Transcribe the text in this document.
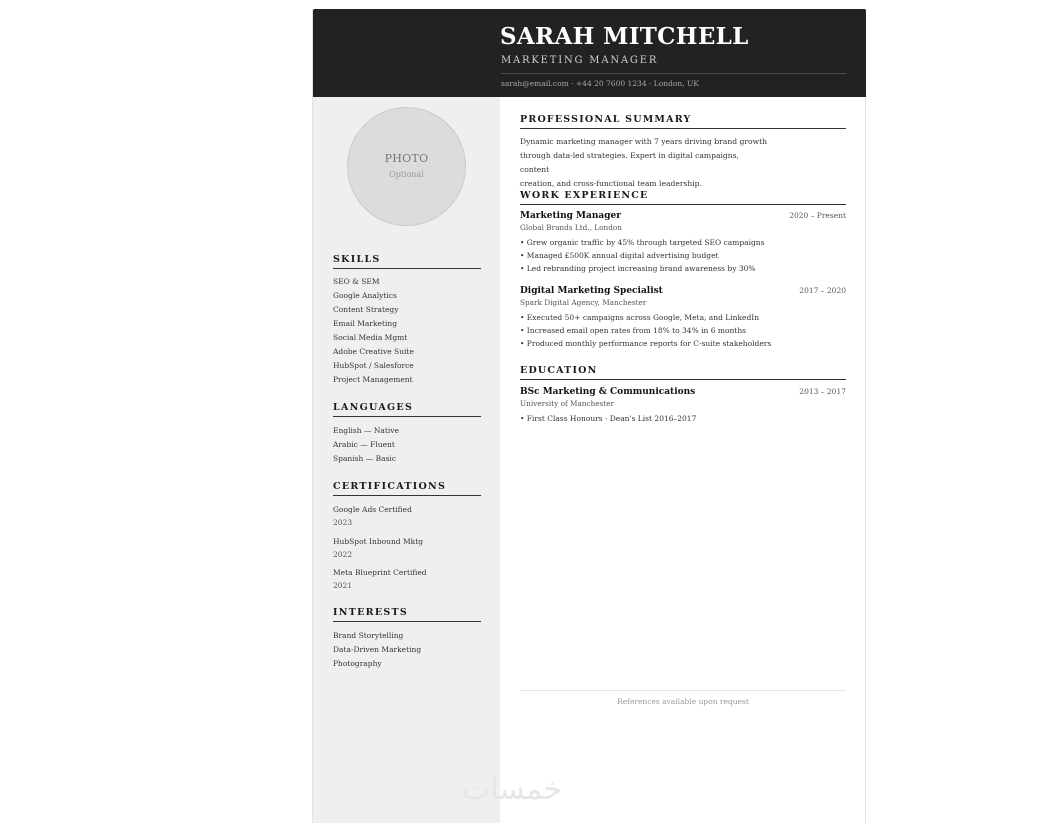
SARAH MITCHELL
MARKETING MANAGER
sarah@email.com · +44 20 7600 1234 · London, UK
PHOTO
Optional
SKILLS
SEO & SEM
Google Analytics
Content Strategy
Email Marketing
Social Media Mgmt
Adobe Creative Suite
HubSpot / Salesforce
Project Management
LANGUAGES
English — Native
Arabic — Fluent
Spanish — Basic
CERTIFICATIONS
Google Ads Certified
2023
HubSpot Inbound Mktg
2022
Meta Blueprint Certified
2021
INTERESTS
Brand Storytelling
Data-Driven Marketing
Photography
PROFESSIONAL SUMMARY
Dynamic marketing manager with 7 years driving brand growth
through data-led strategies. Expert in digital campaigns, content
creation, and cross-functional team leadership.
WORK EXPERIENCE
Marketing Manager	2020 – Present
Global Brands Ltd., London
• Grew organic traffic by 45% through targeted SEO campaigns
• Managed £500K annual digital advertising budget
• Led rebranding project increasing brand awareness by 30%
Digital Marketing Specialist	2017 – 2020
Spark Digital Agency, Manchester
• Executed 50+ campaigns across Google, Meta, and LinkedIn
• Increased email open rates from 18% to 34% in 6 months
• Produced monthly performance reports for C-suite stakeholders
EDUCATION
BSc Marketing & Communications	2013 – 2017
University of Manchester
• First Class Honours · Dean's List 2016–2017
References available upon request
خمسات
